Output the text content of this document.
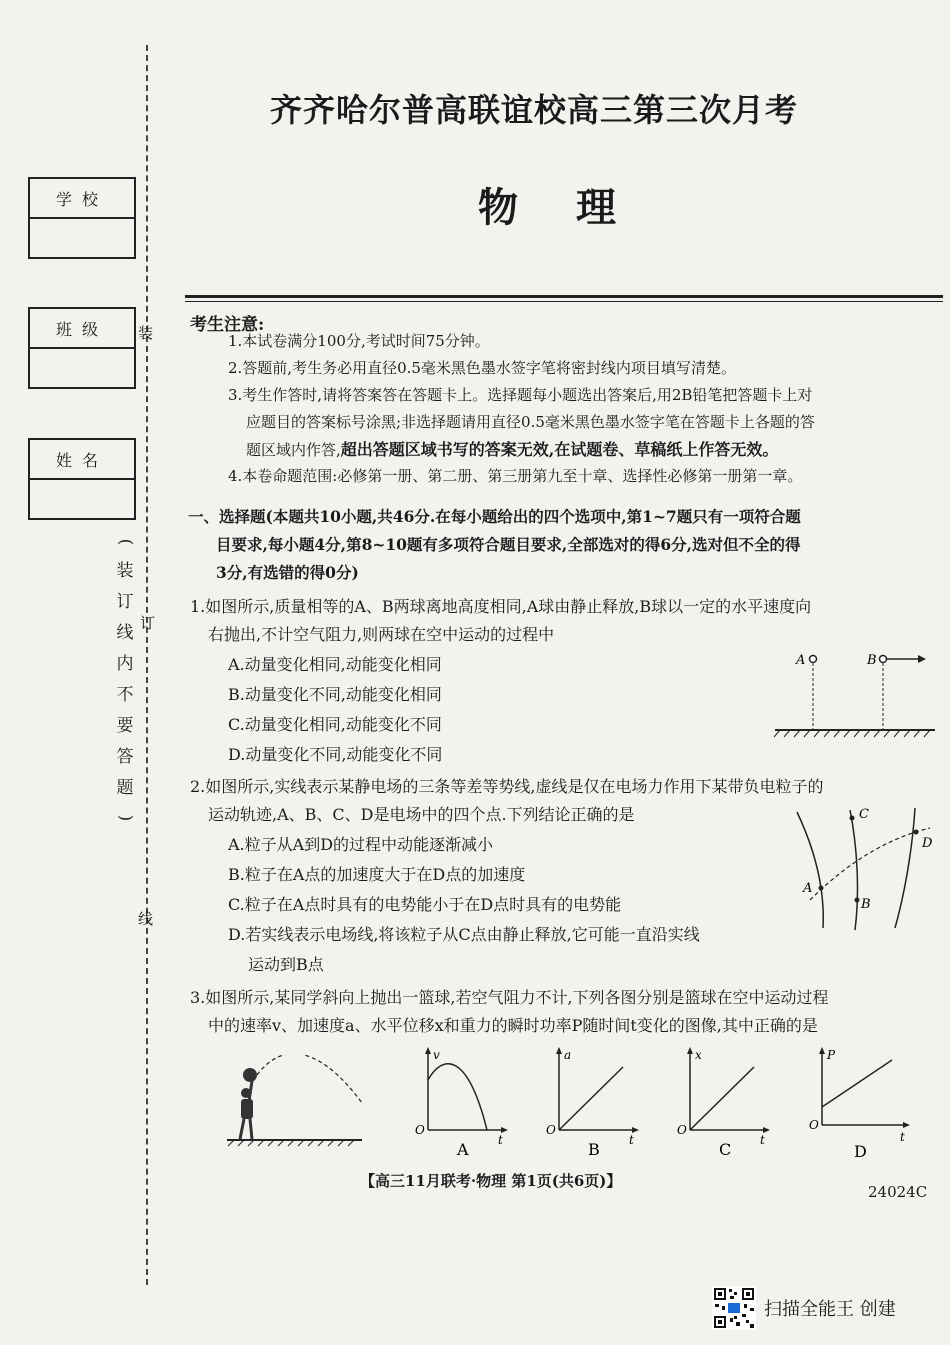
装
订
线
学校
班级
姓名
(
装
订
线
内
不
要
答
题
)
齐齐哈尔普高联谊校高三第三次月考
物理
考生注意:
1.本试卷满分100分,考试时间75分钟。
2.答题前,考生务必用直径0.5毫米黑色墨水签字笔将密封线内项目填写清楚。
3.考生作答时,请将答案答在答题卡上。选择题每小题选出答案后,用2B铅笔把答题卡上对
应题目的答案标号涂黑;非选择题请用直径0.5毫米黑色墨水签字笔在答题卡上各题的答
题区域内作答,超出答题区域书写的答案无效,在试题卷、草稿纸上作答无效。
4.本卷命题范围:必修第一册、第二册、第三册第九至十章、选择性必修第一册第一章。
一、选择题(本题共10小题,共46分.在每小题给出的四个选项中,第1~7题只有一项符合题
目要求,每小题4分,第8~10题有多项符合题目要求,全部选对的得6分,选对但不全的得
3分,有选错的得0分)
1.如图所示,质量相等的A、B两球离地高度相同,A球由静止释放,B球以一定的水平速度向
右抛出,不计空气阻力,则两球在空中运动的过程中
A.动量变化相同,动能变化相同
B.动量变化不同,动能变化相同
C.动量变化相同,动能变化不同
D.动量变化不同,动能变化不同
A	B
2.如图所示,实线表示某静电场的三条等差等势线,虚线是仅在电场力作用下某带负电粒子的
运动轨迹,A、B、C、D是电场中的四个点.下列结论正确的是
A.粒子从A到D的过程中动能逐渐减小
B.粒子在A点的加速度大于在D点的加速度
C.粒子在A点时具有的电势能小于在D点时具有的电势能
D.若实线表示电场线,将该粒子从C点由静止释放,它可能一直沿实线
运动到B点
C
D
A
B
3.如图所示,某同学斜向上抛出一篮球,若空气阻力不计,下列各图分别是篮球在空中运动过程
中的速率v、加速度a、水平位移x和重力的瞬时功率P随时间t变化的图像,其中正确的是
v
O
t
A
a
O
t
B
x
O
t
C
P
O
t
D
【高三11月联考·物理 第1页(共6页)】
24024C
扫描全能王 创建
